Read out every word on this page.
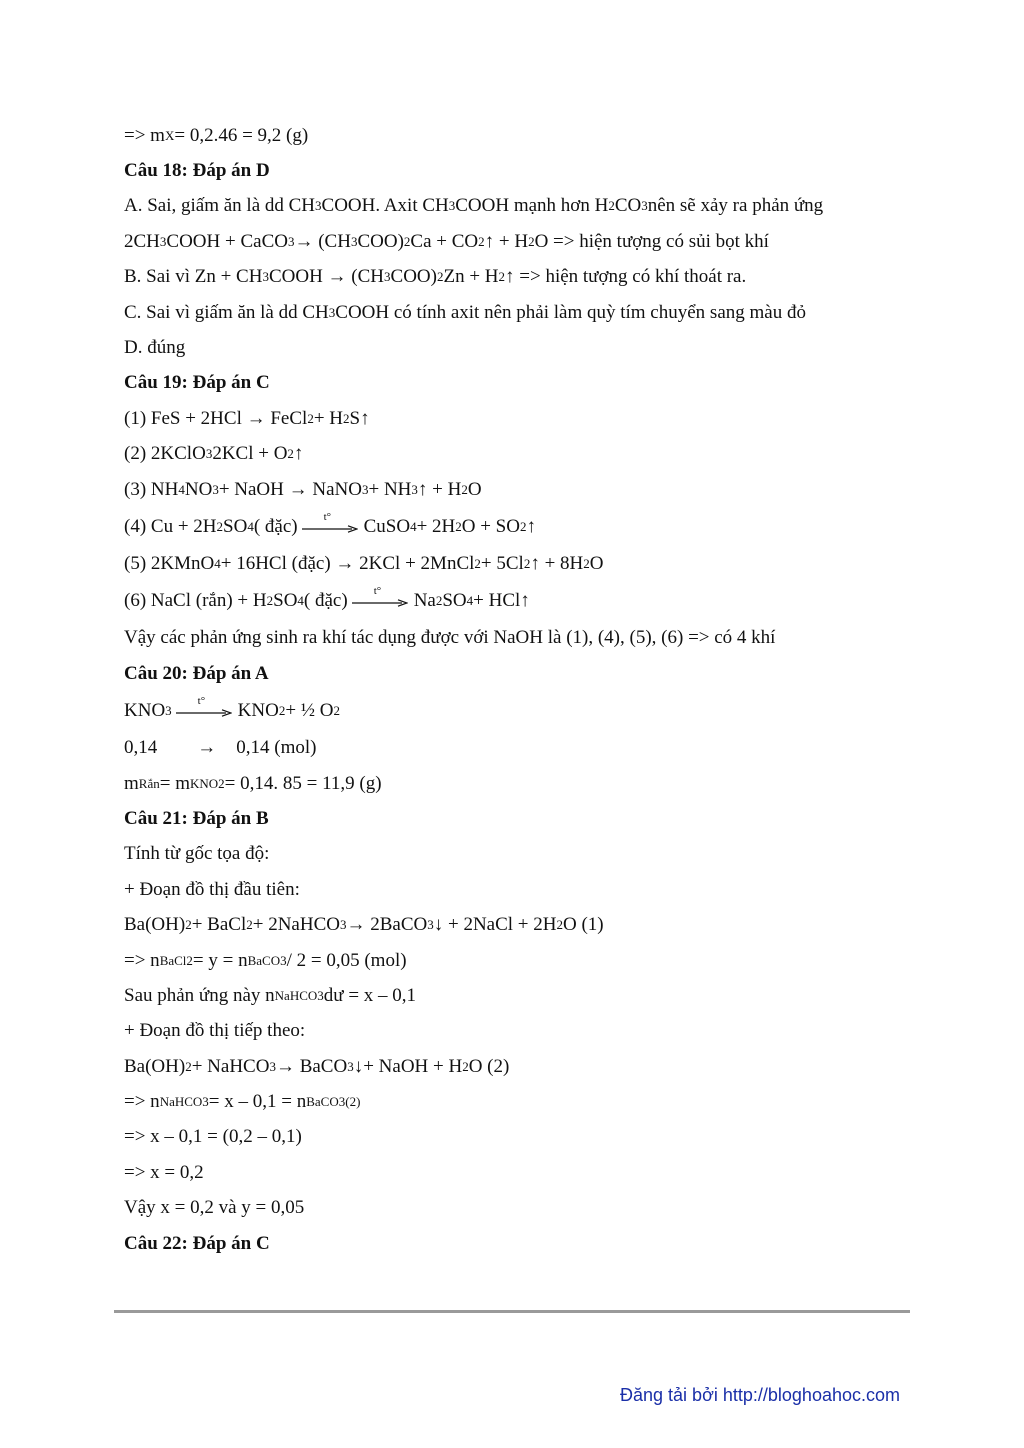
=> m X = 0,2.46 = 9,2 (g)
Câu 18: Đáp án D
A. Sai, giấm ăn là dd CH 3 COOH. Axit CH 3 COOH mạnh hơn H 2 CO 3 nên sẽ xảy ra phản ứng
2CH 3 COOH + CaCO 3 → (CH 3 COO) 2 Ca + CO 2 ↑ + H 2 O => hiện tượng có sủi bọt khí
B. Sai vì Zn + CH 3 COOH → (CH 3 COO) 2 Zn + H 2 ↑ => hiện tượng có khí thoát ra.
C. Sai vì giấm ăn là dd CH 3 COOH có tính axit nên phải làm quỳ tím chuyển sang màu đỏ
D. đúng
Câu 19: Đáp án C
(1) FeS + 2HCl → FeCl 2 + H 2 S↑
(2) 2KClO 3 2KCl + O 2 ↑
(3) NH 4 NO 3 + NaOH → NaNO 3 + NH 3 ↑ + H 2 O
(4) Cu + 2H 2 SO 4 ( đặc) t° CuSO 4 + 2H 2 O + SO 2 ↑
(5) 2KMnO 4 + 16HCl (đặc) → 2KCl + 2MnCl 2 + 5Cl 2 ↑ + 8H 2 O
(6) NaCl (rắn) + H 2 SO 4 ( đặc) t° Na 2 SO 4 + HCl↑
Vậy các phản ứng sinh ra khí tác dụng được với NaOH là (1), (4), (5), (6) => có 4 khí
Câu 20: Đáp án A
KNO 3
t° KNO 2 + ½ O 2
0,14 → 0,14 (mol)
m Rắn = m KNO2 = 0,14. 85 = 11,9 (g)
Câu 21: Đáp án B
Tính từ gốc tọa độ:
+ Đoạn đồ thị đầu tiên:
Ba(OH) 2 + BaCl 2 + 2NaHCO 3 → 2BaCO 3 ↓ + 2NaCl + 2H 2 O (1)
=> n BaCl2 = y = n BaCO3 / 2 = 0,05 (mol)
Sau phản ứng này n NaHCO3 dư = x – 0,1
+ Đoạn đồ thị tiếp theo:
Ba(OH) 2 + NaHCO 3 → BaCO 3 ↓+ NaOH + H 2 O (2)
=> n NaHCO3 = x – 0,1 = n BaCO3(2)
=> x – 0,1 = (0,2 – 0,1)
=> x = 0,2
Vậy x = 0,2 và y = 0,05
Câu 22: Đáp án C
Đăng tải bởi http://bloghoahoc.com
